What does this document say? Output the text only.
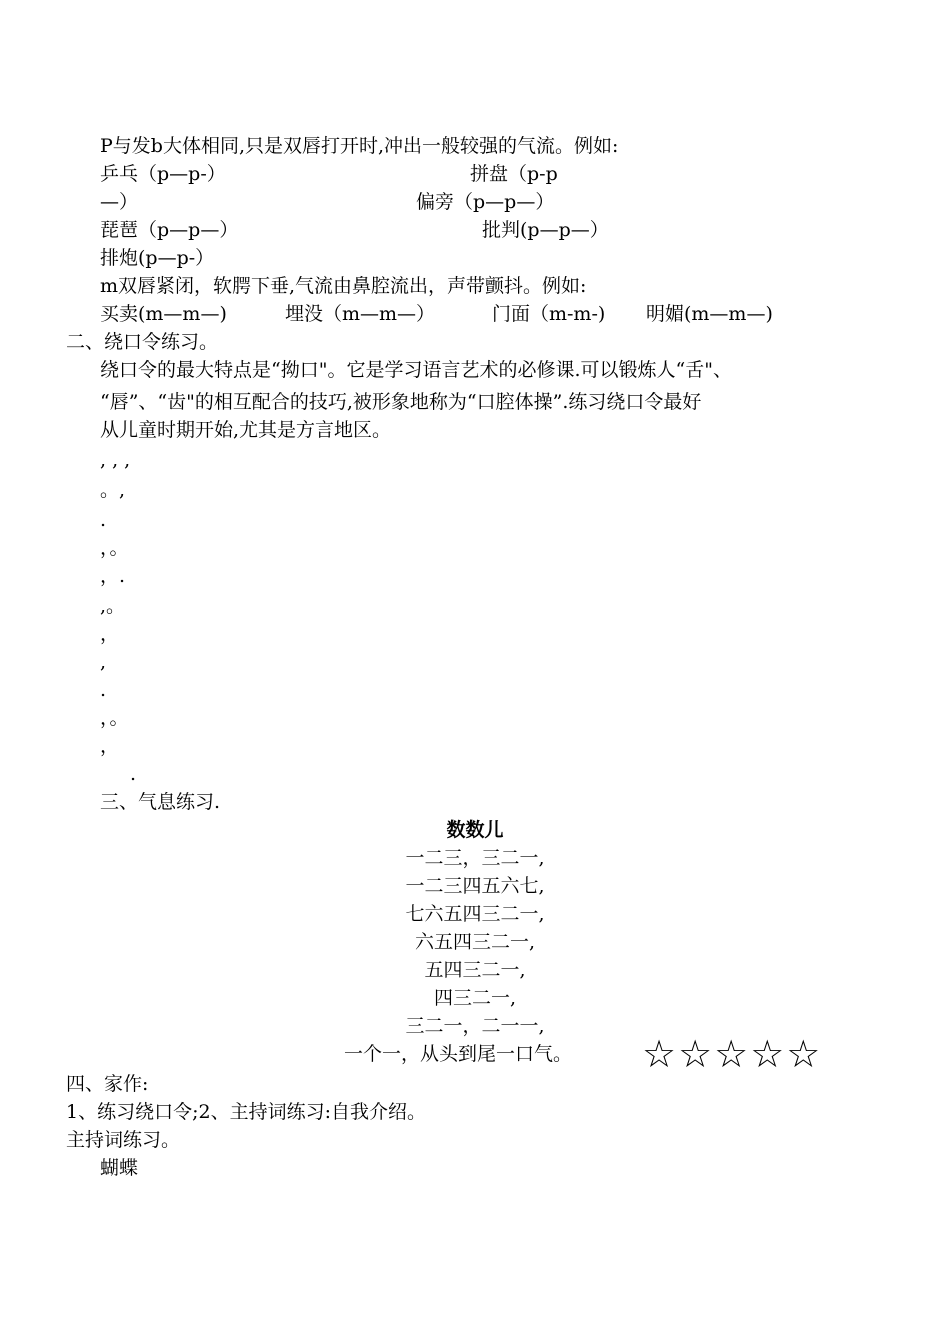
P与发b大体相同,只是双唇打开时,冲出一般较强的气流。例如:
乒乓（p—p-）	拼盘（p-p
—）	偏旁（p—p—）
琵琶（p—p—）	批判(p—p—）
排炮(p—p-）
m双唇紧闭，软腭下垂,气流由鼻腔流出，声带颤抖。例如:
买卖(m—m—)	埋没（m—m—）	门面（m-m-) 明媚(m—m—)
二、绕口令练习。
绕口令的最大特点是“拗口"。它是学习语言艺术的必修课.可以锻炼人“舌"、
“唇”、“齿"的相互配合的技巧,被形象地称为“口腔体操”.练习绕口令最好
从儿童时期开始,尤其是方言地区。
, , ,
。,
.
，。
，.
,。
，
,
.
，。
，
.
三、气息练习.
数数儿
一二三，三二一,
一二三四五六七,
七六五四三二一,
六五四三二一,
五四三二一,
四三二一,
三二一，二一一,
一个一，从头到尾一口气。 ☆☆☆☆☆
四、家作:
1、练习绕口令;2、主持词练习:自我介绍。
主持词练习。
蝴蝶
